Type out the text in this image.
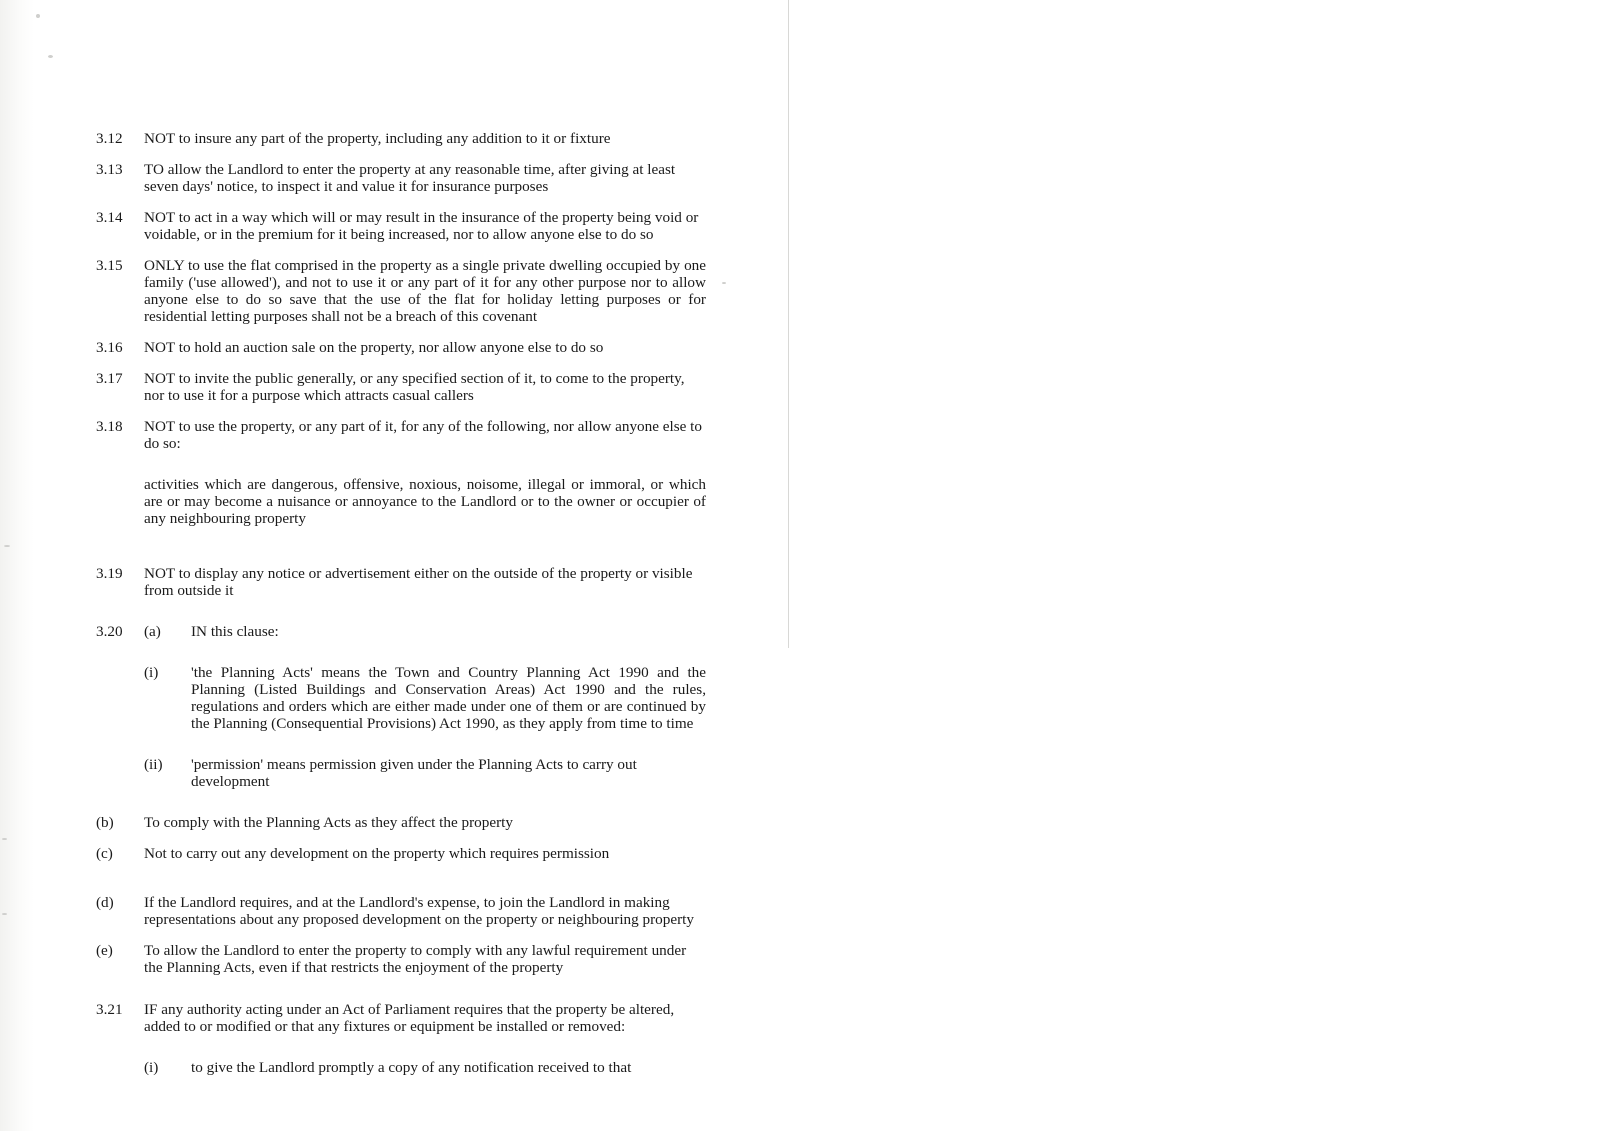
3.12	NOT to insure any part of the property, including any addition to it or fixture
3.13	TO allow the Landlord to enter the property at any reasonable time, after giving at least seven days' notice, to inspect it and value it for insurance purposes
3.14	NOT to act in a way which will or may result in the insurance of the property being void or voidable, or in the premium for it being increased, nor to allow anyone else to do so
3.15	ONLY to use the flat comprised in the property as a single private dwelling occupied by one family ('use allowed'), and not to use it or any part of it for any other purpose nor to allow anyone else to do so save that the use of the flat for holiday letting purposes or for residential letting purposes shall not be a breach of this covenant
3.16	NOT to hold an auction sale on the property, nor allow anyone else to do so
3.17	NOT to invite the public generally, or any specified section of it, to come to the property, nor to use it for a purpose which attracts casual callers
3.18	NOT to use the property, or any part of it, for any of the following, nor allow anyone else to do so:
activities which are dangerous, offensive, noxious, noisome, illegal or immoral, or which are or may become a nuisance or annoyance to the Landlord or to the owner or occupier of any neighbouring property
3.19	NOT to display any notice or advertisement either on the outside of the property or visible from outside it
3.20	(a)	IN this clause:
(i)	'the Planning Acts' means the Town and Country Planning Act 1990 and the Planning (Listed Buildings and Conservation Areas) Act 1990 and the rules, regulations and orders which are either made under one of them or are continued by the Planning (Consequential Provisions) Act 1990, as they apply from time to time
(ii)	'permission' means permission given under the Planning Acts to carry out development
(b)	To comply with the Planning Acts as they affect the property
(c)	Not to carry out any development on the property which requires permission
(d)	If the Landlord requires, and at the Landlord's expense, to join the Landlord in making representations about any proposed development on the property or neighbouring property
(e)	To allow the Landlord to enter the property to comply with any lawful requirement under the Planning Acts, even if that restricts the enjoyment of the property
3.21	IF any authority acting under an Act of Parliament requires that the property be altered, added to or modified or that any fixtures or equipment be installed or removed:
(i)	to give the Landlord promptly a copy of any notification received to that
